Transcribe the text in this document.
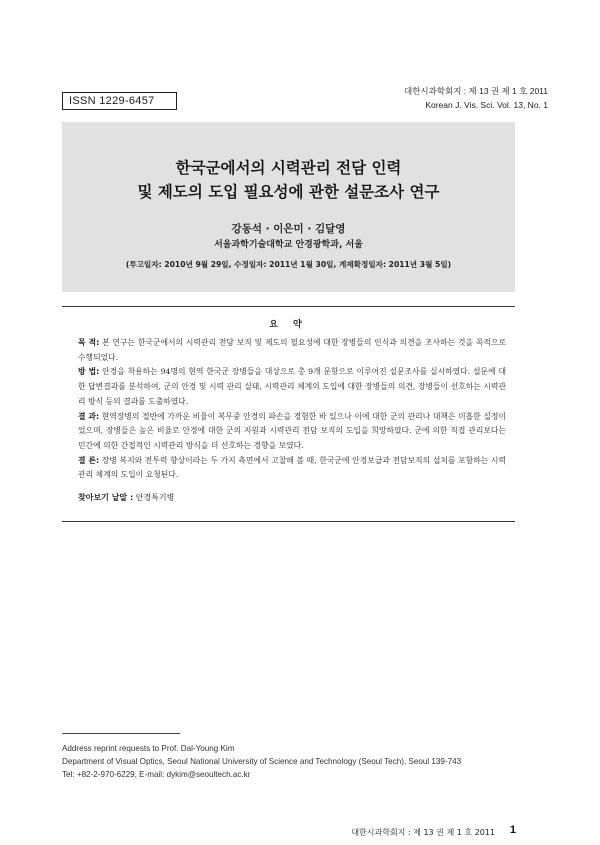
ISSN 1229-6457
대한시과학회지 : 제 13 권 제 1 호 2011
Korean J. Vis. Sci. Vol. 13, No. 1
한국군에서의 시력관리 전담 인력
및 제도의 도입 필요성에 관한 설문조사 연구
강동석 · 이은미 · 김달영
서울과학기술대학교 안경광학과, 서울
(투고일자: 2010년 9월 29일, 수정일자: 2011년 1월 30일, 게재확정일자: 2011년 3월 5일)
요 약

목 적: 본 연구는 한국군에서의 시력관리 전담 보직 및 제도의 필요성에 대한 장병들의 인식과 의견을 조사하는 것을 목적으로 수행되었다.

방 법: 안경을 착용하는 94명의 현역 한국군 장병들을 대상으로 총 9개 문항으로 이루어진 설문조사를 실시하였다. 설문에 대한 답변결과를 분석하여, 군의 안경 및 시력 관리 실태, 시력관리 체계의 도입에 대한 장병들의 의견, 장병들이 선호하는 시력관리 방식 등의 결과를 도출하였다.

결 과: 현역장병의 절반에 가까운 비율이 복무중 안경의 파손을 경험한 바 있으나 이에 대한 군의 관리나 대책은 미흡한 실정이었으며, 장병들은 높은 비율로 안경에 대한 군의 지원과 시력관리 전담 보직의 도입을 희망하였다. 군에 의한 직접 관리보다는 민간에 의한 간접적인 시력관리 방식을 더 선호하는 경향을 보였다.

결 론: 장병 복지와 전투력 향상이라는 두 가지 측면에서 고찰해 볼 때, 한국군에 안경보급과 전담보직의 설치를 포함하는 시력관리 체계의 도입이 요청된다.

찾아보기 낱말 : 안경특기병
Address reprint requests to Prof. Dal-Young Kim
Department of Visual Optics, Seoul National University of Science and Technology (Seoul Tech), Seoul 139-743
Tel: +82-2-970-6229, E-mail: dykim@seoultech.ac.kr
대한시과학회지 : 제 13 권 제 1 호 2011 1
